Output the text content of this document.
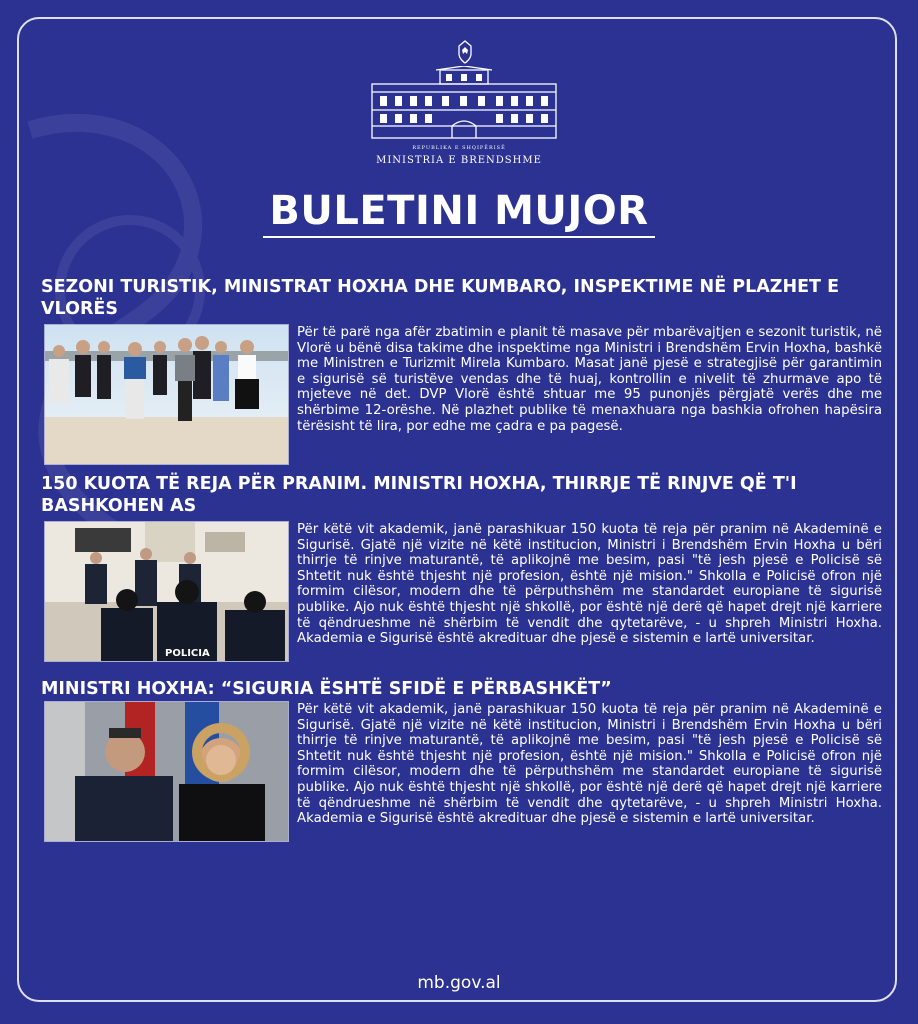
REPUBLIKA E SHQIPËRISË
MINISTRIA E BRENDSHME
BULETINI MUJOR
SEZONI TURISTIK, MINISTRAT HOXHA DHE KUMBARO, INSPEKTIME NË PLAZHET E VLORËS

Për të parë nga afër zbatimin e planit të masave për mbarëvajtjen e sezonit turistik, në Vlorë u bënë disa takime dhe inspektime nga Ministri i Brendshëm Ervin Hoxha, bashkë me Ministren e Turizmit Mirela Kumbaro. Masat janë pjesë e strategjisë për garantimin e sigurisë së turistëve vendas dhe të huaj, kontrollin e nivelit të zhurmave apo të mjeteve në det. DVP Vlorë është shtuar me 95 punonjës përgjatë verës dhe me shërbime 12-orëshe. Në plazhet publike të menaxhuara nga bashkia ofrohen hapësira tërësisht të lira, por edhe me çadra e pa pagesë.

150 KUOTA TË REJA PËR PRANIM. MINISTRI HOXHA, THIRRJE TË RINJVE QË T'I BASHKOHEN AS
POLICIA

Për këtë vit akademik, janë parashikuar 150 kuota të reja për pranim në Akademinë e Sigurisë. Gjatë një vizite në këtë institucion, Ministri i Brendshëm Ervin Hoxha u bëri thirrje të rinjve maturantë, të aplikojnë me besim, pasi "të jesh pjesë e Policisë së Shtetit nuk është thjesht një profesion, është një mision." Shkolla e Policisë ofron një formim cilësor, modern dhe të përputhshëm me standardet europiane të sigurisë publike. Ajo nuk është thjesht një shkollë, por është një derë që hapet drejt një karriere të qëndrueshme në shërbim të vendit dhe qytetarëve, - u shpreh Ministri Hoxha. Akademia e Sigurisë është akredituar dhe pjesë e sistemin e lartë universitar.

MINISTRI HOXHA: “SIGURIA ËSHTË SFIDË E PËRBASHKËT”

Për këtë vit akademik, janë parashikuar 150 kuota të reja për pranim në Akademinë e Sigurisë. Gjatë një vizite në këtë institucion, Ministri i Brendshëm Ervin Hoxha u bëri thirrje të rinjve maturantë, të aplikojnë me besim, pasi "të jesh pjesë e Policisë së Shtetit nuk është thjesht një profesion, është një mision." Shkolla e Policisë ofron një formim cilësor, modern dhe të përputhshëm me standardet europiane të sigurisë publike. Ajo nuk është thjesht një shkollë, por është një derë që hapet drejt një karriere të qëndrueshme në shërbim të vendit dhe qytetarëve, - u shpreh Ministri Hoxha. Akademia e Sigurisë është akredituar dhe pjesë e sistemin e lartë universitar.

mb.gov.al
